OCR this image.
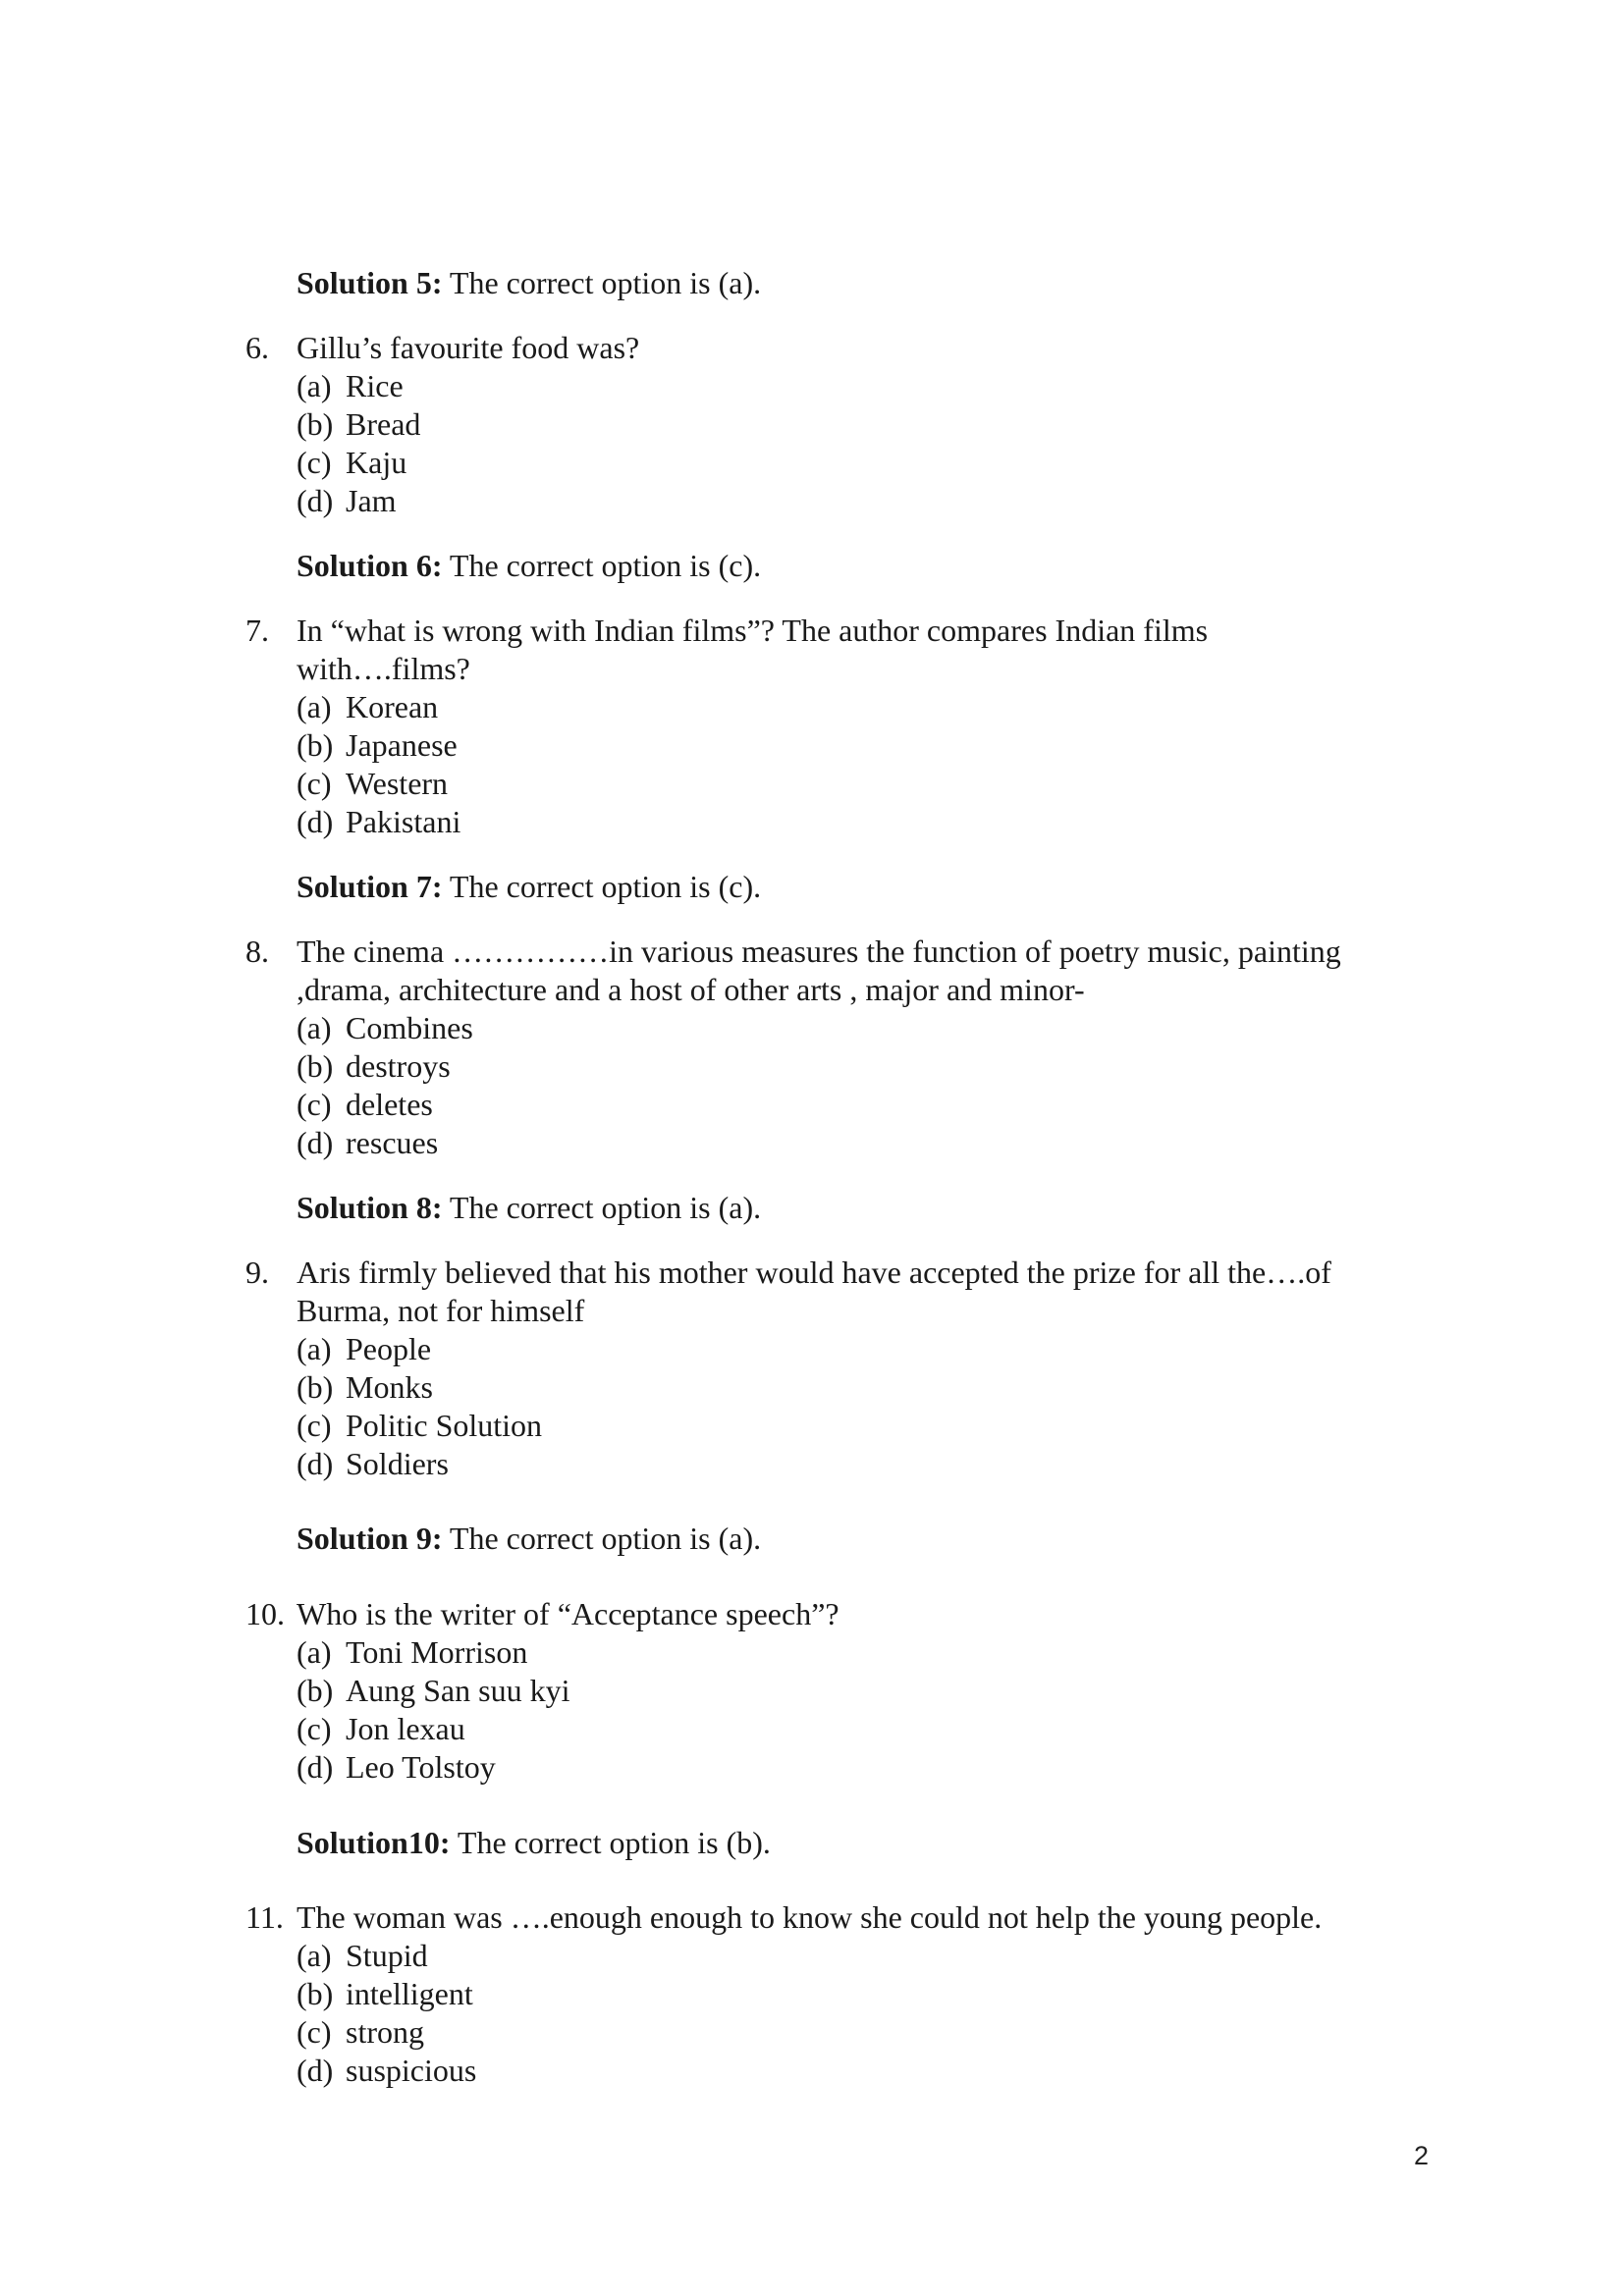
Solution 5: The correct option is (a).
6. Gillu’s favourite food was?
(a) Rice
(b) Bread
(c) Kaju
(d) Jam
Solution 6: The correct option is (c).
7. In “what is wrong with Indian films”? The author compares Indian films
with….films?
(a) Korean
(b) Japanese
(c) Western
(d) Pakistani
Solution 7: The correct option is (c).
8. The cinema ……………in various measures the function of poetry music, painting
,drama, architecture and a host of other arts , major and minor-
(a) Combines
(b) destroys
(c) deletes
(d) rescues
Solution 8: The correct option is (a).
9. Aris firmly believed that his mother would have accepted the prize for all the….of
Burma, not for himself
(a) People
(b) Monks
(c) Politic Solution
(d) Soldiers
Solution 9: The correct option is (a).
10. Who is the writer of “Acceptance speech”?
(a) Toni Morrison
(b) Aung San suu kyi
(c) Jon lexau
(d) Leo Tolstoy
Solution10: The correct option is (b).
11. The woman was ….enough enough to know she could not help the young people.
(a) Stupid
(b) intelligent
(c) strong
(d) suspicious
2
